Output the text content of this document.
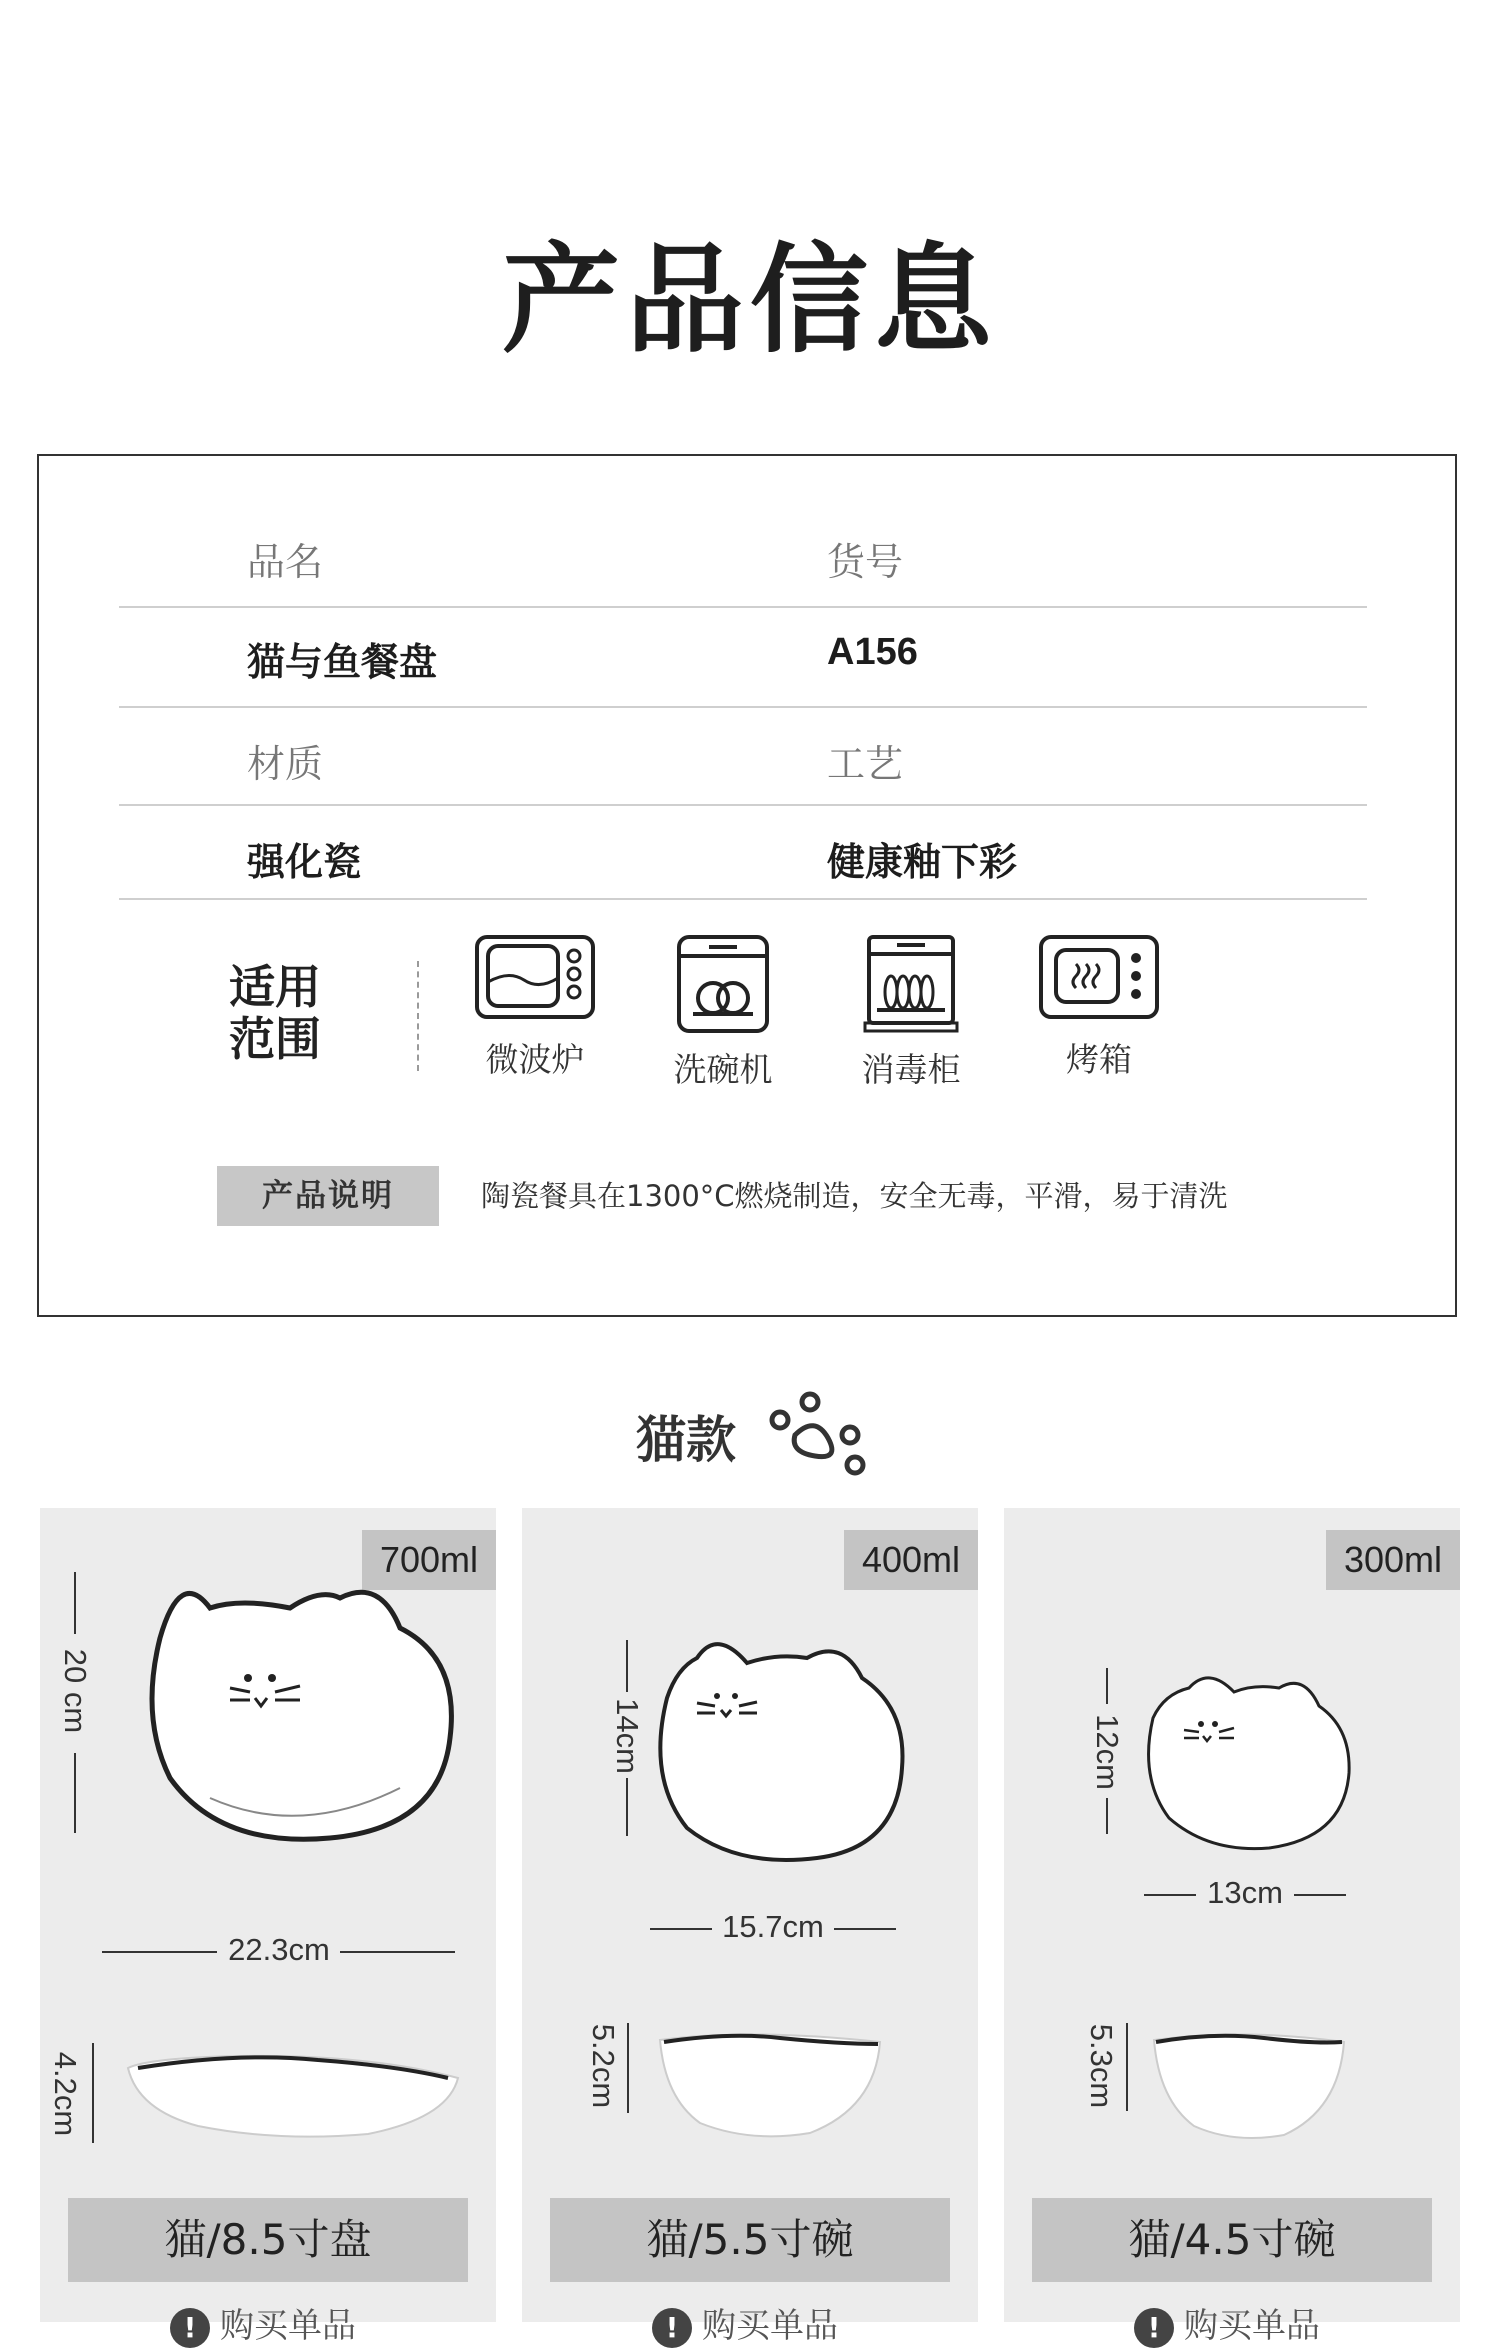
产品信息
品名	货号
猫与鱼餐盘	A156
材质	工艺
强化瓷	健康釉下彩
适用
范围	微波炉	洗碗机	消毒柜	烤箱
产品说明	陶瓷餐具在1300°C燃烧制造，安全无毒，平滑，易于清洗
猫款
700ml
20 cm
22.3cm
4.2cm
猫/8.5寸盘
! 购买单品
400ml
14cm
15.7cm
5.2cm
猫/5.5寸碗
! 购买单品
300ml
12cm
13cm
5.3cm
猫/4.5寸碗
! 购买单品
